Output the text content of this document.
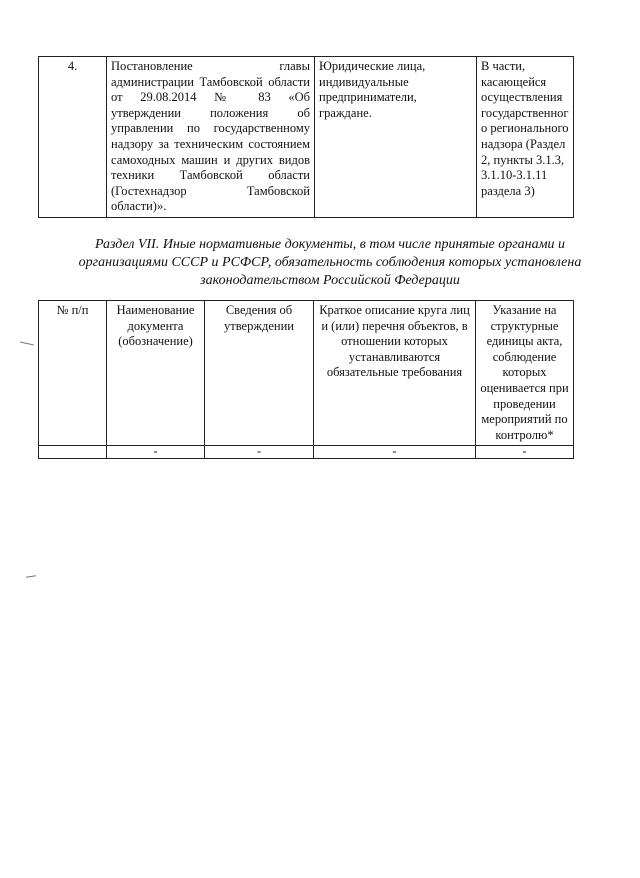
4.	Постановление главы администрации Тамбовской области от 29.08.2014 № 83 «Об утверждении положения об управлении по государственному надзору за техническим состоянием самоходных машин и других видов техники Тамбовской области (Гостехнадзор Тамбовской области)».	Юридические лица, индивидуальные предприниматели, граждане.	В части, касающейся осуществления государственного регионального надзора (Раздел 2, пункты 3.1.3, 3.1.10-3.1.11 раздела 3)
Раздел VII. Иные нормативные документы, в том числе принятые органами и организациями СССР и РСФСР, обязательность соблюдения которых установлена законодательством Российской Федерации
№ п/п	Наименование документа (обозначение)	Сведения об утверждении	Краткое описание круга лиц и (или) перечня объектов, в отношении которых устанавливаются обязательные требования	Указание на структурные единицы акта, соблюдение которых оценивается при проведении мероприятий по контролю*
	-	-	-	-
